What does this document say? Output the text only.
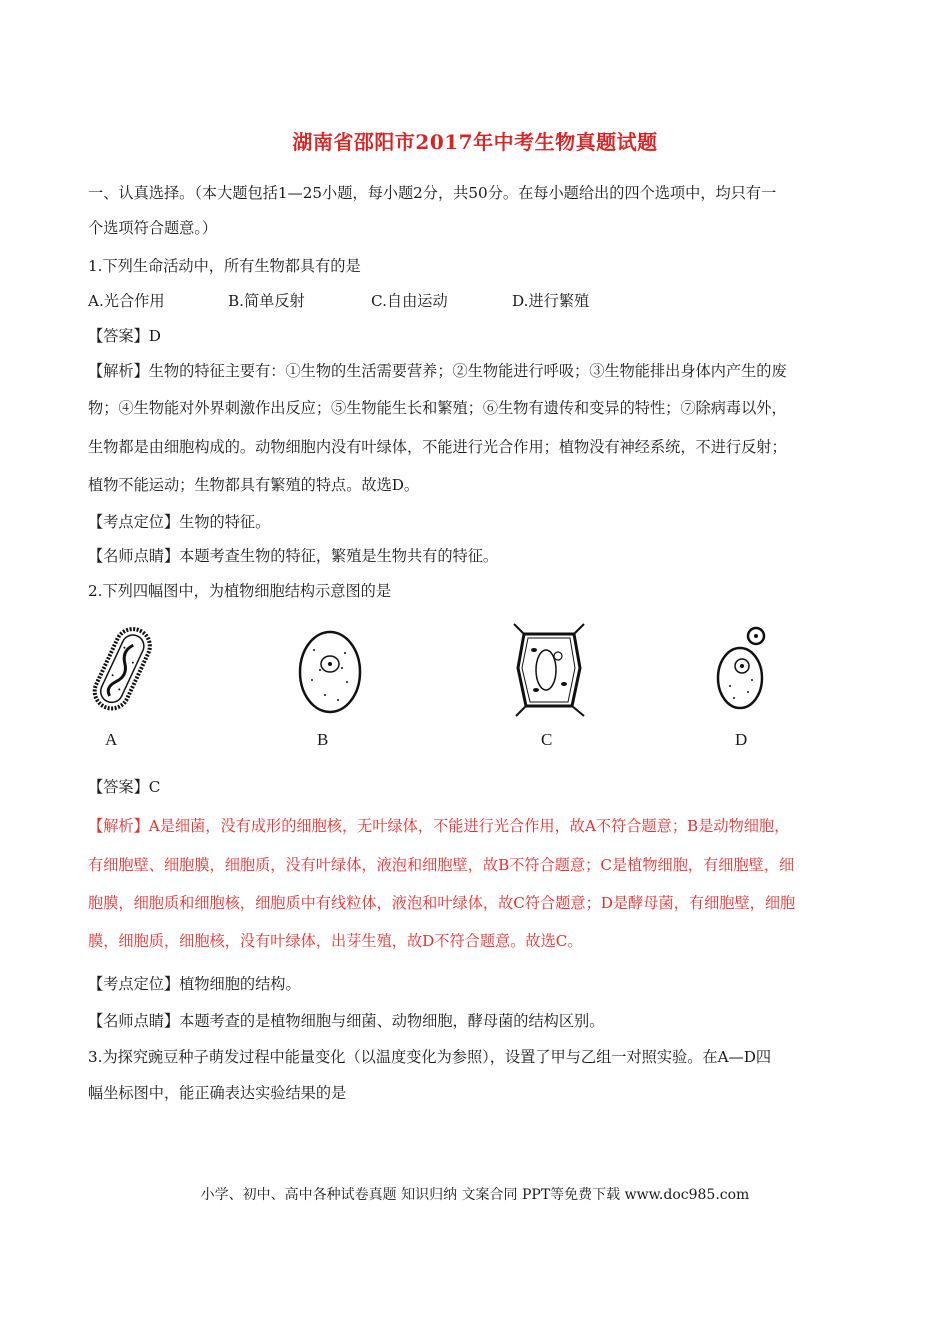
湖南省邵阳市2017年中考生物真题试题
一、认真选择。（本大题包括1—25小题，每小题2分，共50分。在每小题给出的四个选项中，均只有一
个选项符合题意。）
1.下列生命活动中，所有生物都具有的是
A.光合作用	B.简单反射	C.自由运动	D.进行繁殖
【答案】D
【解析】生物的特征主要有：①生物的生活需要营养；②生物能进行呼吸；③生物能排出身体内产生的废
物；④生物能对外界刺激作出反应；⑤生物能生长和繁殖；⑥生物有遗传和变异的特性；⑦除病毒以外，
生物都是由细胞构成的。动物细胞内没有叶绿体，不能进行光合作用；植物没有神经系统，不进行反射；
植物不能运动；生物都具有繁殖的特点。故选D。
【考点定位】生物的特征。
【名师点睛】本题考查生物的特征，繁殖是生物共有的特征。
2.下列四幅图中，为植物细胞结构示意图的是
A	B	C	D
【答案】C
【解析】A是细菌，没有成形的细胞核，无叶绿体，不能进行光合作用，故A不符合题意；B是动物细胞，
有细胞壁、细胞膜，细胞质，没有叶绿体，液泡和细胞壁，故B不符合题意；C是植物细胞，有细胞壁，细
胞膜，细胞质和细胞核，细胞质中有线粒体，液泡和叶绿体，故C符合题意；D是酵母菌，有细胞壁，细胞
膜，细胞质，细胞核，没有叶绿体，出芽生殖，故D不符合题意。故选C。
【考点定位】植物细胞的结构。
【名师点睛】本题考查的是植物细胞与细菌、动物细胞，酵母菌的结构区别。
3.为探究豌豆种子萌发过程中能量变化（以温度变化为参照），设置了甲与乙组一对照实验。在A—D四
幅坐标图中，能正确表达实验结果的是
小学、初中、高中各种试卷真题 知识归纳 文案合同 PPT等免费下载 www.doc985.com
